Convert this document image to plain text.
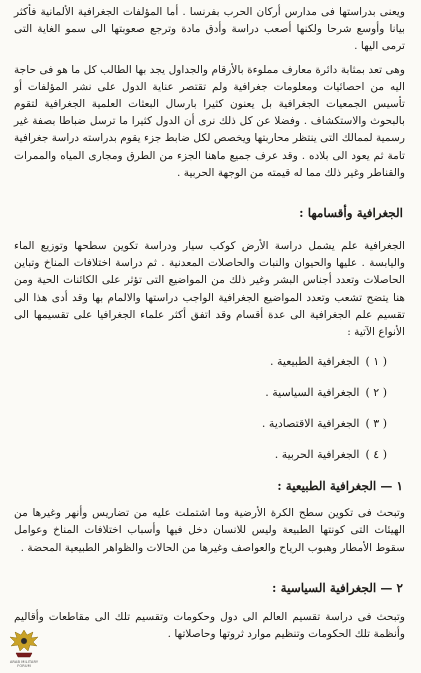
ويعنى بدراستها فى مدارس أركان الحرب بفرنسا . أما المؤلفات الجغرافية الألمانية فأكثر بيانا وأوسع شرحا ولكنها أصعب دراسة وأدق مادة وترجع صعوبتها الى سمو الغاية التى ترمى اليها .

وهى تعد بمثابة دائرة معارف مملوءة بالأرقام والجداول يجد بها الطالب كل ما هو فى حاجة اليه من احصائيات ومعلومات جغرافية ولم تقتصر عناية الدول على نشر المؤلفات أو تأسيس الجمعيات الجغرافية بل يعنون كثيرا بارسال البعثات العلمية الجغرافية لتقوم بالبحوث والاستكشاف . وفضلا عن كل ذلك نرى أن الدول كثيرا ما ترسل ضباطا بصفة غير رسمية لممالك التى ينتظر محاربتها ويخصص لكل ضابط جزء يقوم بدراسته دراسة جغرافية تامة ثم يعود الى بلاده . وقد عرف جميع ماهنا الجزء من الطرق ومجارى المياه والممرات والقناطر وغير ذلك مما له قيمته من الوجهة الحربية .

الجغرافية وأقسامها :

الجغرافية علم يشمل دراسة الأرض كوكب سيار ودراسة تكوين سطحها وتوزيع الماء واليابسة . عليها والحيوان والنبات والحاصلات المعدنية . ثم دراسة اختلافات المناخ وتباين الحاصلات وتعدد أجناس البشر وغير ذلك من المواضيع التى تؤثر على الكائنات الحية ومن هنا يتضح تشعب وتعدد المواضيع الجغرافية الواجب دراستها والالمام بها وقد أدى هذا الى تقسيم علم الجغرافية الى عدة أقسام وقد اتفق أكثر علماء الجغرافيا على تقسيمها الى الأنواع الآتية :

( ١ )
الجغرافية الطبيعية .
( ٢ )
الجغرافية السياسية .
( ٣ )
الجغرافية الاقتصادية .
( ٤ )
الجغرافية الحربية .
١ — الجغرافية الطبيعية :

وتبحث فى تكوين سطح الكرة الأرضية وما اشتملت عليه من تضاريس وأنهر وغيرها من الهيئات التى كونتها الطبيعة وليس للانسان دخل فيها وأسباب اختلافات المناخ وعوامل سقوط الأمطار وهبوب الرياح والعواصف وغيرها من الحالات والظواهر الطبيعية المحضة .

٢ — الجغرافية السياسية :

وتبحث فى دراسة تقسيم العالم الى دول وحكومات وتقسيم تلك الى مقاطعات وأقاليم وأنظمة تلك الحكومات وتنظيم موارد ثروتها وحاصلاتها .

ARAB MILITARY FORUM
